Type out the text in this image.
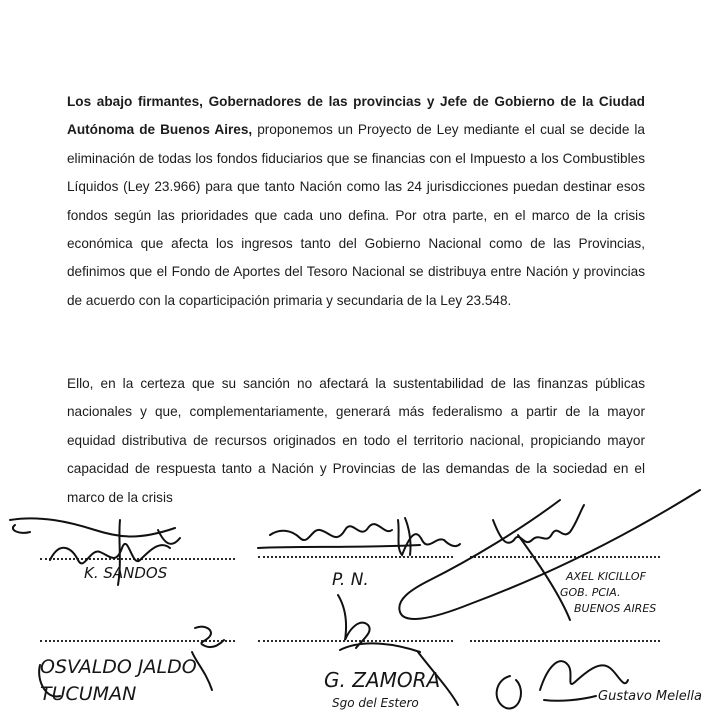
Los abajo firmantes, Gobernadores de las provincias y Jefe de Gobierno de la Ciudad Autónoma de Buenos Aires, proponemos un Proyecto de Ley mediante el cual se decide la eliminación de todas los fondos fiduciarios que se financias con el Impuesto a los Combustibles Líquidos (Ley 23.966) para que tanto Nación como las 24 jurisdicciones puedan destinar esos fondos según las prioridades que cada uno defina. Por otra parte, en el marco de la crisis económica que afecta los ingresos tanto del Gobierno Nacional como de las Provincias, definimos que el Fondo de Aportes del Tesoro Nacional se distribuya entre Nación y provincias de acuerdo con la coparticipación primaria y secundaria de la Ley 23.548.

Ello, en la certeza que su sanción no afectará la sustentabilidad de las finanzas públicas nacionales y que, complementariamente, generará más federalismo a partir de la mayor equidad distributiva de recursos originados en todo el territorio nacional, propiciando mayor capacidad de respuesta tanto a Nación y Provincias de las demandas de la sociedad en el marco de la crisis

K. SANDOS	P. N.	AXEL KICILLOF
GOB. PCIA.
BUENOS AIRES
OSVALDO JALDO
TUCUMAN
G. ZAMORA
Sgo del Estero	Gustavo Melella
